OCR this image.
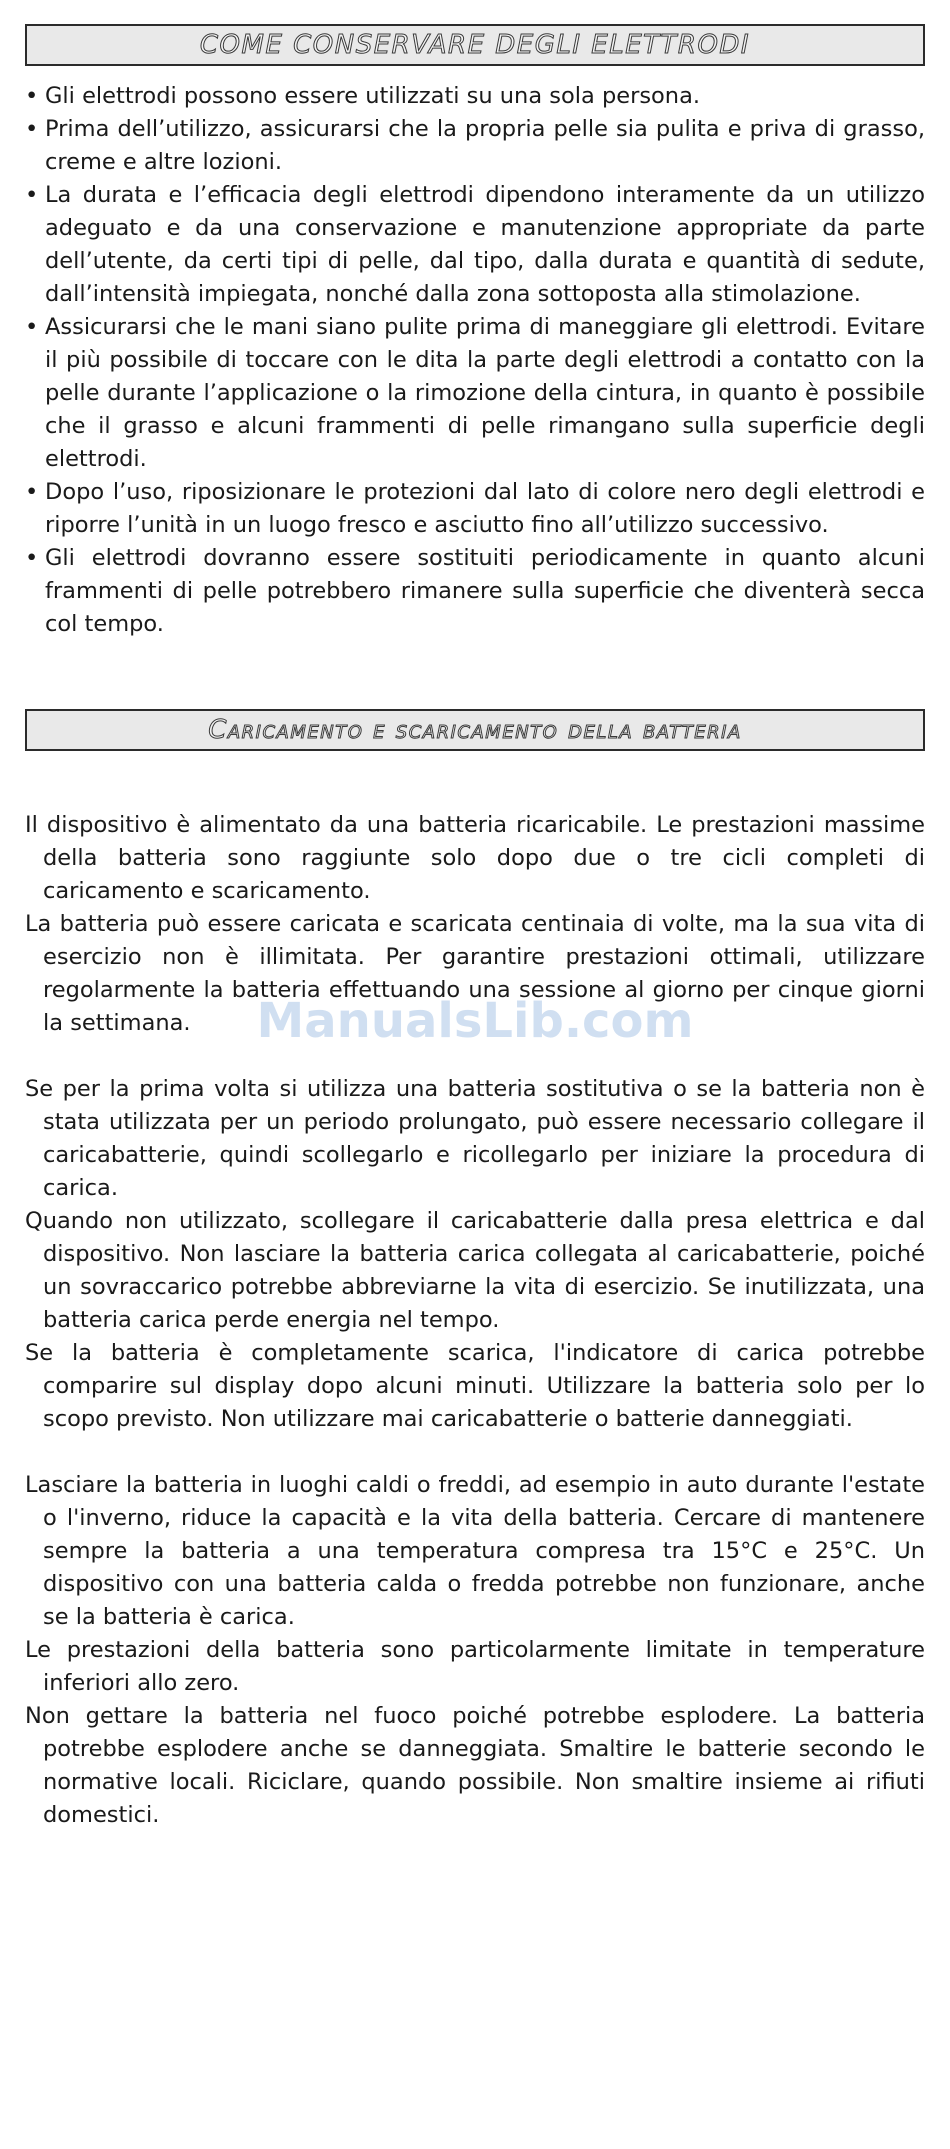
COME CONSERVARE DEGLI ELETTRODI
• Gli elettrodi possono essere utilizzati su una sola persona.
• Prima dell’utilizzo, assicurarsi che la propria pelle sia pulita e priva di grasso, creme e altre lozioni.
• La durata e l’efficacia degli elettrodi dipendono interamente da un utilizzo adeguato e da una conservazione e manutenzione appropriate da parte dell’utente, da certi tipi di pelle, dal tipo, dalla durata e quantità di sedute, dall’intensità impiegata, nonché dalla zona sottoposta alla stimolazione.
• Assicurarsi che le mani siano pulite prima di maneggiare gli elettrodi. Evitare il più possibile di toccare con le dita la parte degli elettrodi a contatto con la pelle durante l’applicazione o la rimozione della cintura, in quanto è possibile che il grasso e alcuni frammenti di pelle rimangano sulla superficie degli elettrodi.
• Dopo l’uso, riposizionare le protezioni dal lato di colore nero degli elettrodi e riporre l’unità in un luogo fresco e asciutto fino all’utilizzo successivo.
• Gli elettrodi dovranno essere sostituiti periodicamente in quanto alcuni frammenti di pelle potrebbero rimanere sulla superficie che diventerà secca col tempo.
Caricamento e scaricamento della batteria

Il dispositivo è alimentato da una batteria ricaricabile. Le prestazioni massime della batteria sono raggiunte solo dopo due o tre cicli completi di caricamento e scaricamento.

La batteria può essere caricata e scaricata centinaia di volte, ma la sua vita di esercizio non è illimitata. Per garantire prestazioni ottimali, utilizzare regolarmente la batteria effettuando una sessione al giorno per cinque giorni la settimana.

Se per la prima volta si utilizza una batteria sostitutiva o se la batteria non è stata utilizzata per un periodo prolungato, può essere necessario collegare il caricabatterie, quindi scollegarlo e ricollegarlo per iniziare la procedura di carica.

Quando non utilizzato, scollegare il caricabatterie dalla presa elettrica e dal dispositivo. Non lasciare la batteria carica collegata al caricabatterie, poiché un sovraccarico potrebbe abbreviarne la vita di esercizio. Se inutilizzata, una batteria carica perde energia nel tempo.

Se la batteria è completamente scarica, l'indicatore di carica potrebbe comparire sul display dopo alcuni minuti. Utilizzare la batteria solo per lo scopo previsto. Non utilizzare mai caricabatterie o batterie danneggiati.

Lasciare la batteria in luoghi caldi o freddi, ad esempio in auto durante l'estate o l'inverno, riduce la capacità e la vita della batteria. Cercare di mantenere sempre la batteria a una temperatura compresa tra 15°C e 25°C. Un dispositivo con una batteria calda o fredda potrebbe non funzionare, anche se la batteria è carica.

Le prestazioni della batteria sono particolarmente limitate in temperature inferiori allo zero.

Non gettare la batteria nel fuoco poiché potrebbe esplodere. La batteria potrebbe esplodere anche se danneggiata. Smaltire le batterie secondo le normative locali. Riciclare, quando possibile. Non smaltire insieme ai rifiuti domestici.

ManualsLib.com
